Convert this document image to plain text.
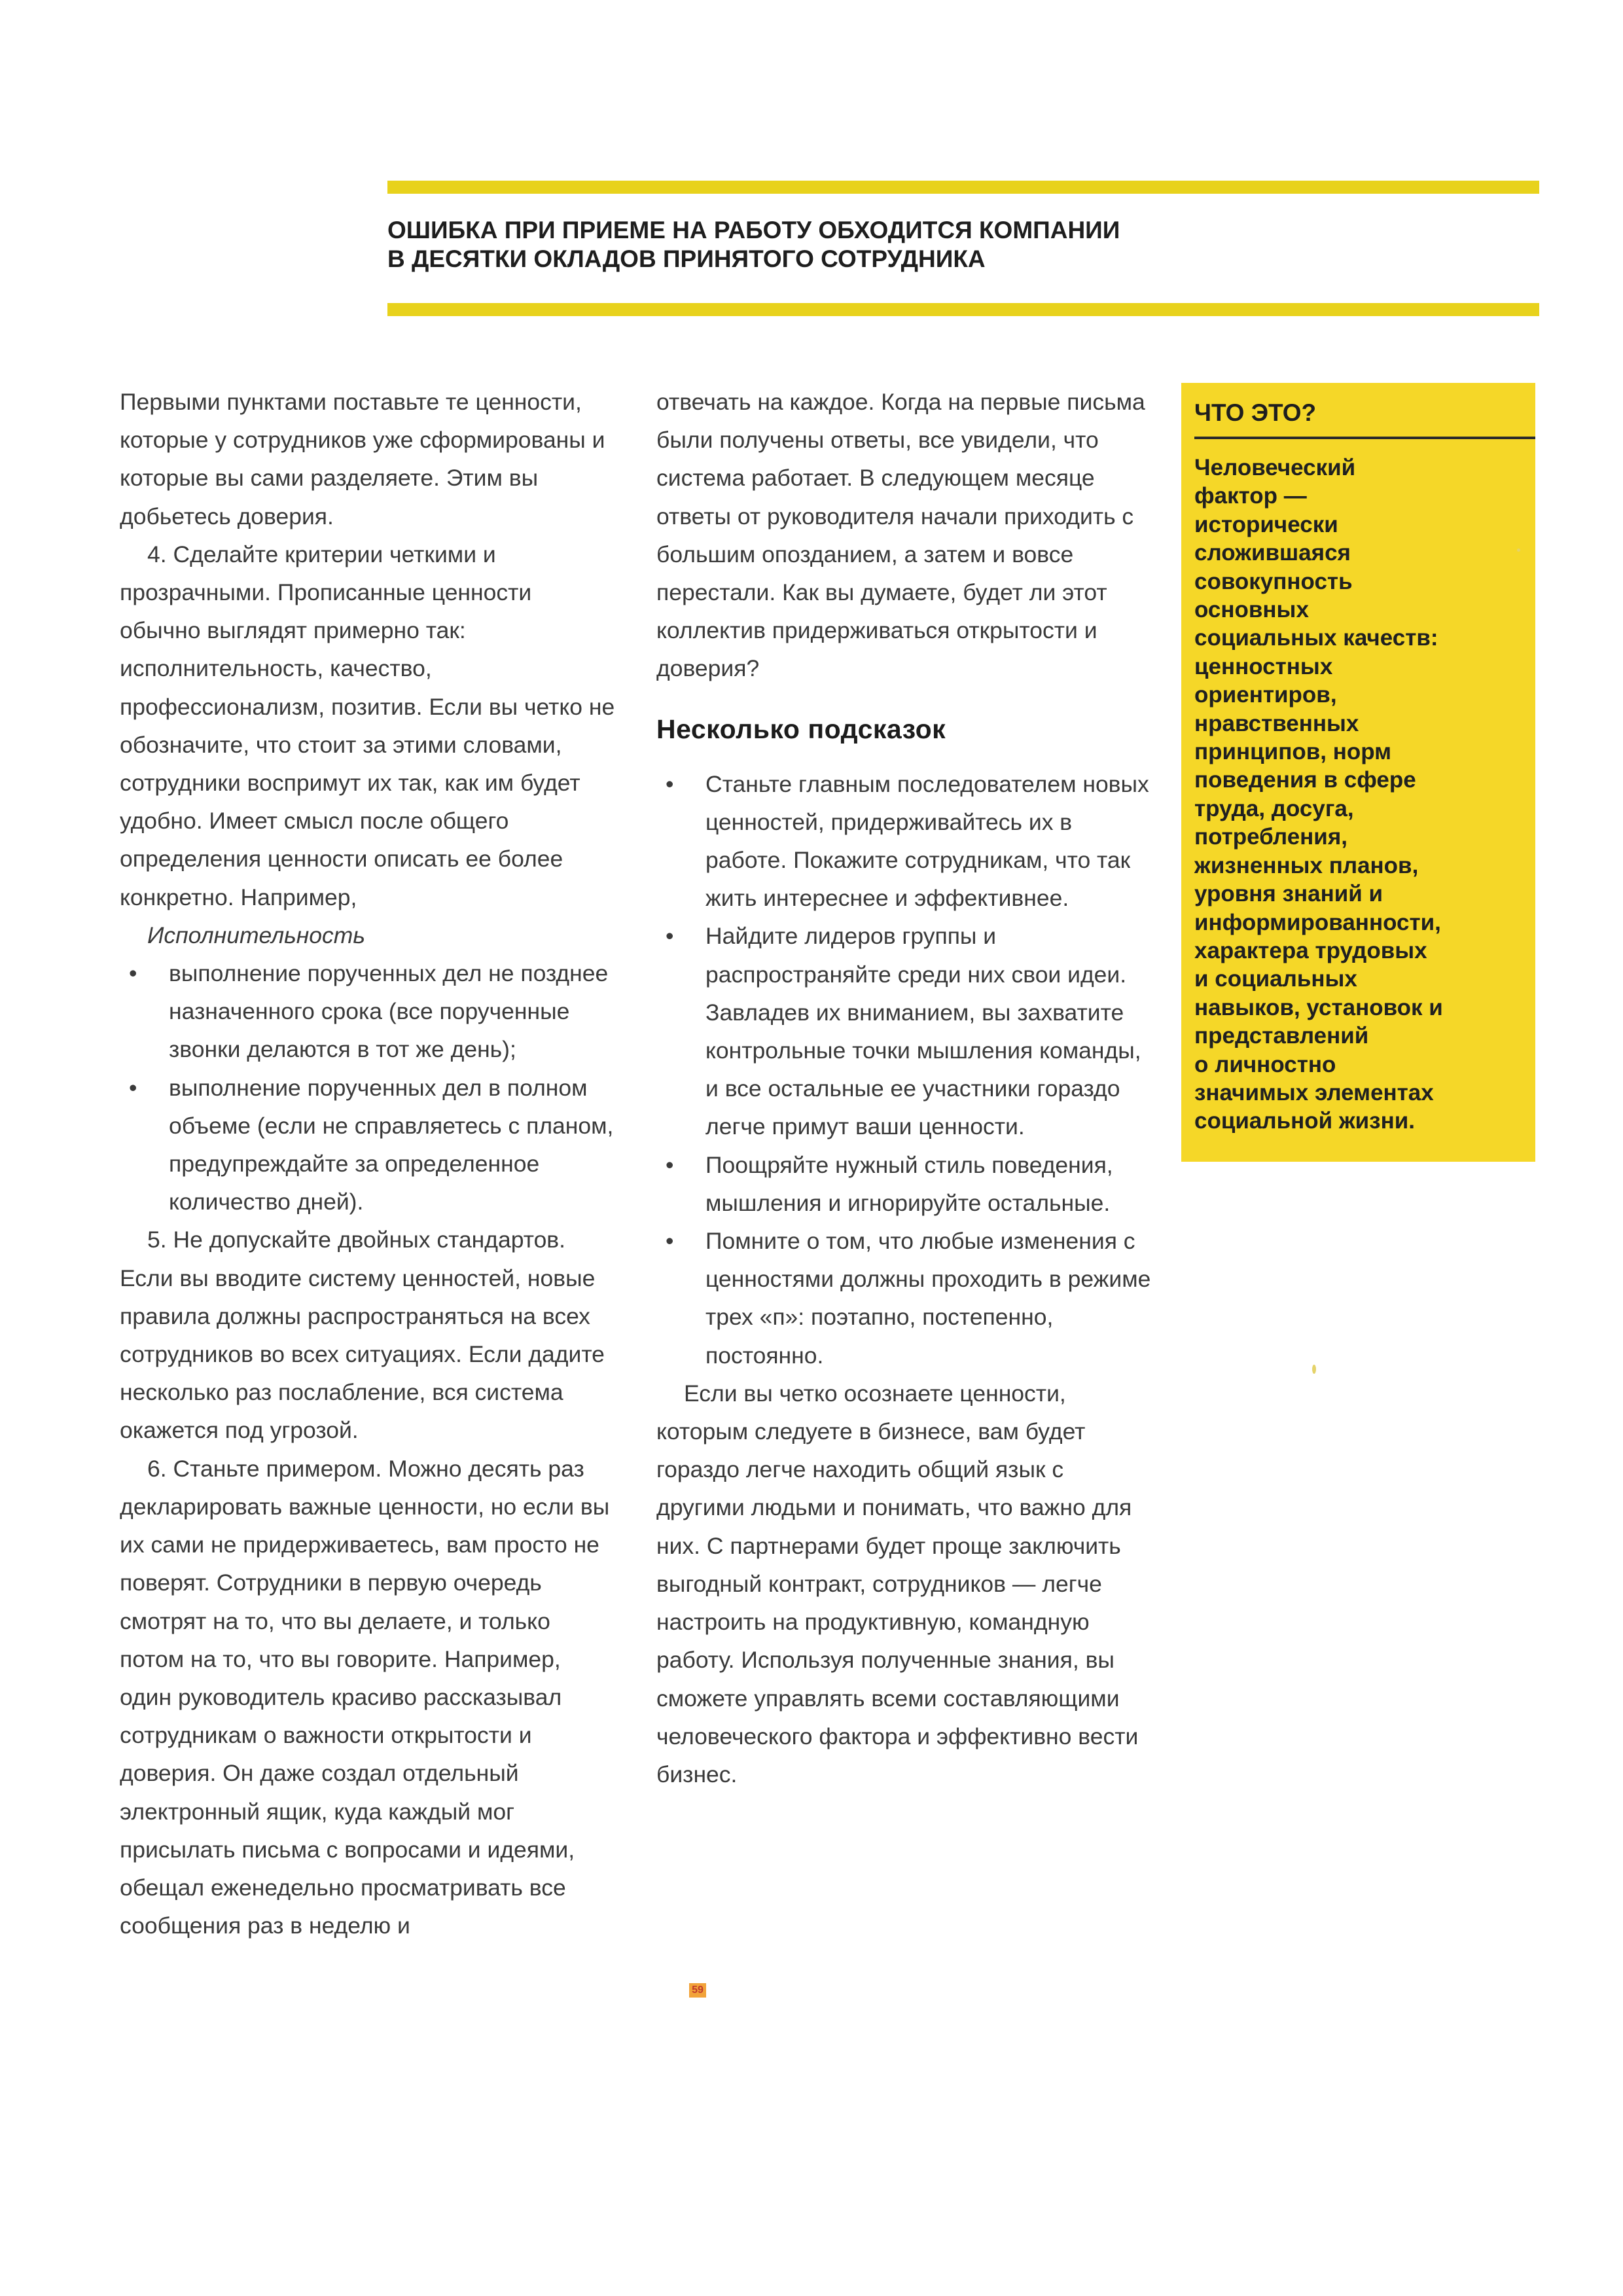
ОШИБКА ПРИ ПРИЕМЕ НА РАБОТУ ОБХОДИТСЯ КОМПАНИИ
В ДЕСЯТКИ ОКЛАДОВ ПРИНЯТОГО СОТРУДНИКА

Первыми пунктами поставьте те ценности, которые у сотрудников уже сформированы и которые вы сами разделяете. Этим вы добьетесь доверия.

4. Сделайте критерии четкими и прозрачными. Прописанные ценности обычно выглядят примерно так: исполнительность, качество, профессионализм, позитив. Если вы четко не обозначите, что стоит за этими словами, сотрудники воспримут их так, как им будет удобно. Имеет смысл после общего определения ценности описать ее более конкретно. Например,

Исполнительность

• выполнение порученных дел не позднее назначенного срока (все порученные звонки делаются в тот же день);
• выполнение порученных дел в полном объеме (если не справляетесь с планом, предупреждайте за определенное количество дней).

5. Не допускайте двойных стандартов. Если вы вводите систему ценностей, новые правила должны распространяться на всех сотрудников во всех ситуациях. Если дадите несколько раз послабление, вся система окажется под угрозой.

6. Станьте примером. Можно десять раз декларировать важные ценности, но если вы их сами не придерживаетесь, вам просто не поверят. Сотрудники в первую очередь смотрят на то, что вы делаете, и только потом на то, что вы говорите. Например, один руководитель красиво рассказывал сотрудникам о важности открытости и доверия. Он даже создал отдельный электронный ящик, куда каждый мог присылать письма с вопросами и идеями, обещал еженедельно просматривать все сообщения раз в неделю и

отвечать на каждое. Когда на первые письма были получены ответы, все увидели, что система работает. В следующем месяце ответы от руководителя начали приходить с большим опозданием, а затем и вовсе перестали. Как вы думаете, будет ли этот коллектив придерживаться открытости и доверия?

Несколько подсказок
• Станьте главным последователем новых ценностей, придерживайтесь их в работе. Покажите сотрудникам, что так жить интереснее и эффективнее.
• Найдите лидеров группы и распространяйте среди них свои идеи. Завладев их вниманием, вы захватите контрольные точки мышления команды, и все остальные ее участники гораздо легче примут ваши ценности.
• Поощряйте нужный стиль поведения, мышления и игнорируйте остальные.
• Помните о том, что любые изменения с ценностями должны проходить в режиме трех «п»: поэтапно, постепенно, постоянно.

Если вы четко осознаете ценности, которым следуете в бизнесе, вам будет гораздо легче находить общий язык с другими людьми и понимать, что важно для них. С партнерами будет проще заключить выгодный контракт, сотрудников — легче настроить на продуктивную, командную работу. Используя полученные знания, вы сможете управлять всеми составляющими человеческого фактора и эффективно вести бизнес.

59
ЧТО ЭТО?

Человеческий
фактор —
исторически
сложившаяся
совокупность
основных
социальных качеств:
ценностных
ориентиров,
нравственных
принципов, норм
поведения в сфере
труда, досуга,
потребления,
жизненных планов,
уровня знаний и
информированности,
характера трудовых
и социальных
навыков, установок и
представлений
о личностно
значимых элементах
социальной жизни.
